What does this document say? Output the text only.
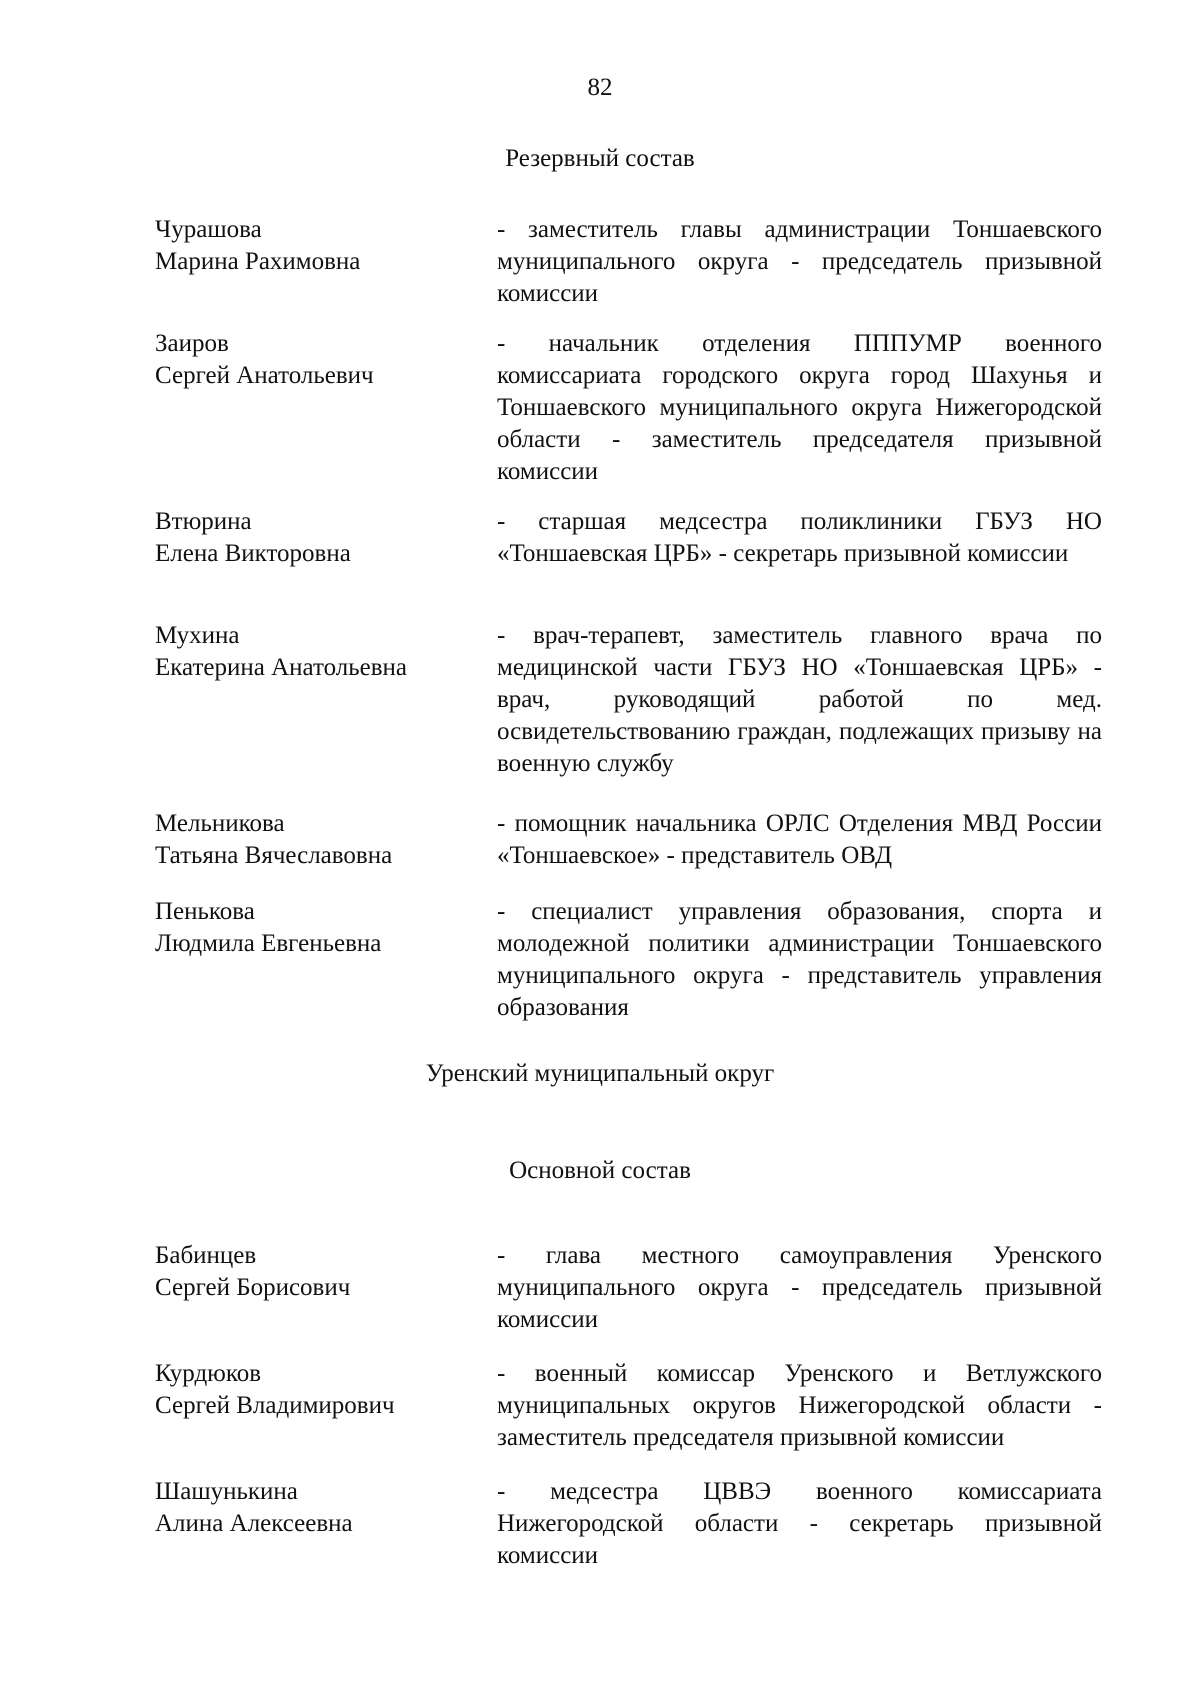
82
Резервный состав
Чурашова
Марина Рахимовна
- заместитель главы администрации Тоншаевского муниципального округа - председатель призывной комиссии
Заиров
Сергей Анатольевич
- начальник отделения ПППУМР военного комиссариата городского округа город Шахунья и Тоншаевского муниципального округа Нижегородской области - заместитель председателя призывной комиссии
Втюрина
Елена Викторовна
- старшая медсестра поликлиники ГБУЗ НО «Тоншаевская ЦРБ» - секретарь призывной комиссии
Мухина
Екатерина Анатольевна
- врач-терапевт, заместитель главного врача по медицинской части ГБУЗ НО «Тоншаевская ЦРБ» - врач, руководящий работой по мед. освидетельствованию граждан, подлежащих призыву на военную службу
Мельникова
Татьяна Вячеславовна
- помощник начальника ОРЛС Отделения МВД России «Тоншаевское» - представитель ОВД
Пенькова
Людмила Евгеньевна
- специалист управления образования, спорта и молодежной политики администрации Тоншаевского муниципального округа - представитель управления образования
Уренский муниципальный округ
Основной состав
Бабинцев
Сергей Борисович
- глава местного самоуправления Уренского муниципального округа - председатель призывной комиссии
Курдюков
Сергей Владимирович
- военный комиссар Уренского и Ветлужского муниципальных округов Нижегородской области - заместитель председателя призывной комиссии
Шашунькина
Алина Алексеевна
- медсестра ЦВВЭ военного комиссариата Нижегородской области - секретарь призывной комиссии
